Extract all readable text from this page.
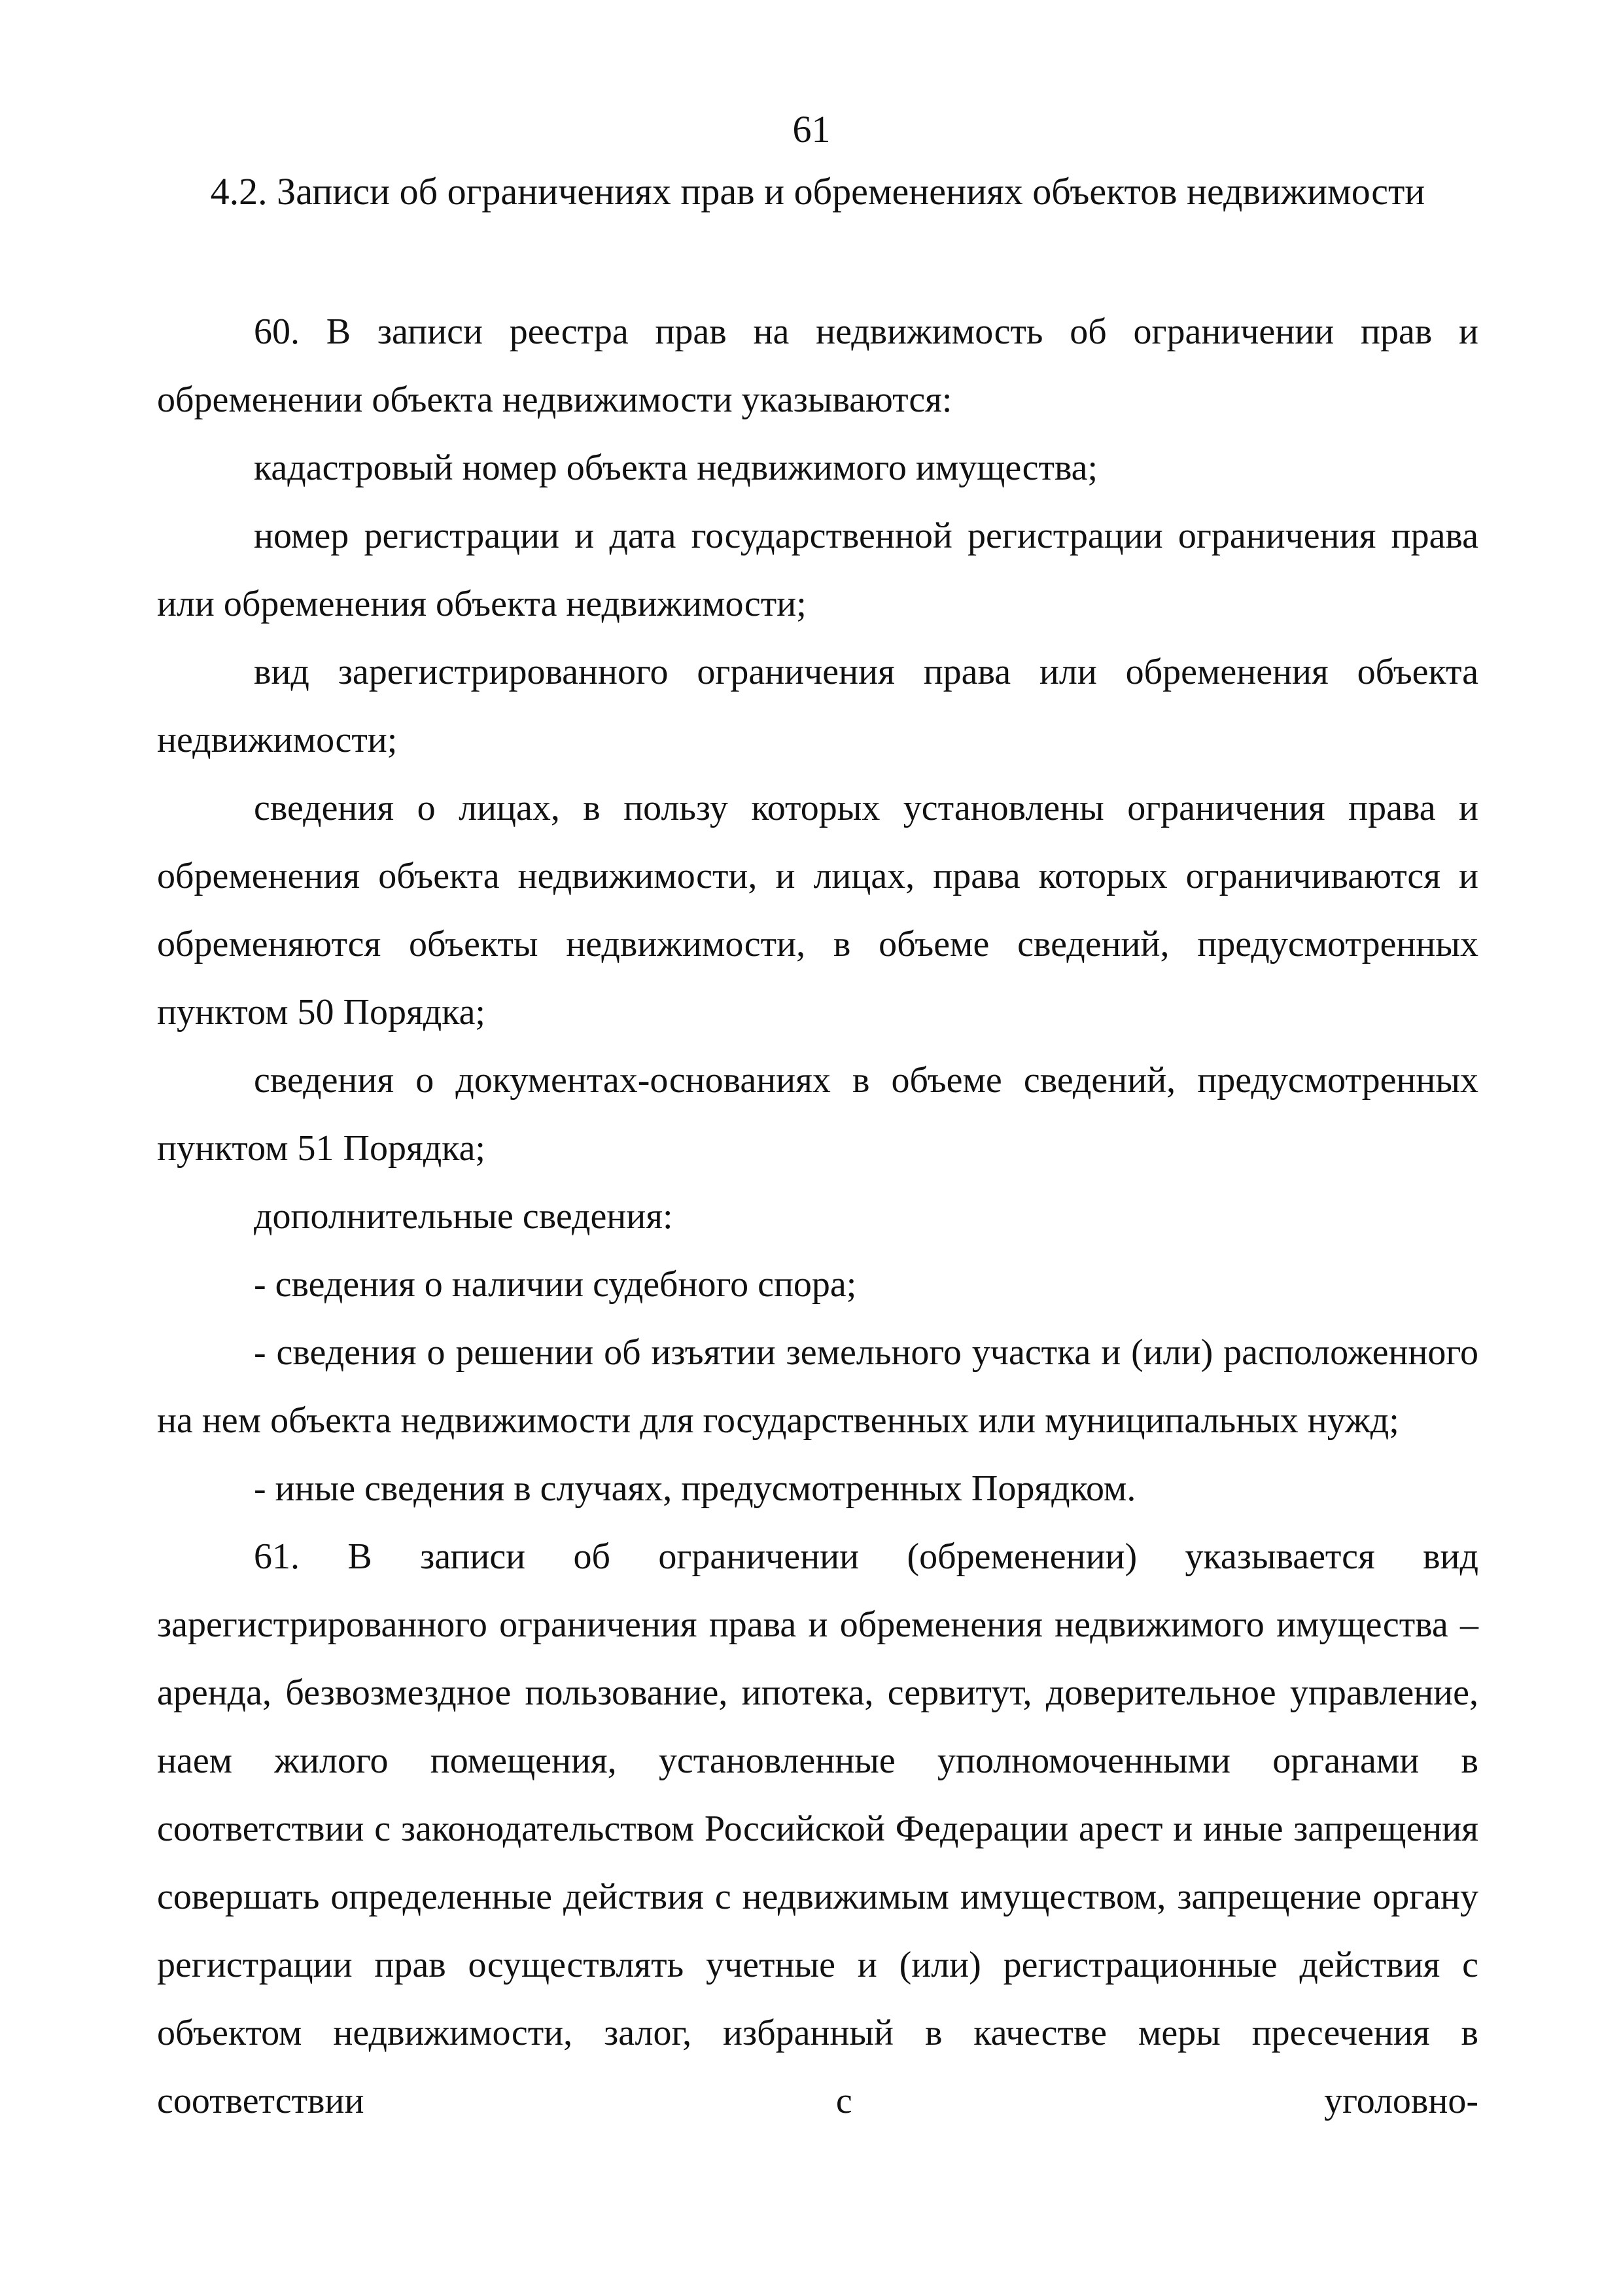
61
4.2. Записи об ограничениях прав и обременениях объектов недвижимости

60. В записи реестра прав на недвижимость об ограничении прав и обременении объекта недвижимости указываются:

кадастровый номер объекта недвижимого имущества;

номер регистрации и дата государственной регистрации ограничения права или обременения объекта недвижимости;

вид зарегистрированного ограничения права или обременения объекта недвижимости;

сведения о лицах, в пользу которых установлены ограничения права и обременения объекта недвижимости, и лицах, права которых ограничиваются и обременяются объекты недвижимости, в объеме сведений, предусмотренных пунктом 50 Порядка;

сведения о документах-основаниях в объеме сведений, предусмотренных пунктом 51 Порядка;

дополнительные сведения:

- сведения о наличии судебного спора;

- сведения о решении об изъятии земельного участка и (или) расположенного на нем объекта недвижимости для государственных или муниципальных нужд;

- иные сведения в случаях, предусмотренных Порядком.

61. В записи об ограничении (обременении) указывается вид зарегистрированного ограничения права и обременения недвижимого имущества – аренда, безвозмездное пользование, ипотека, сервитут, доверительное управление, наем жилого помещения, установленные уполномоченными органами в соответствии с законодательством Российской Федерации арест и иные запрещения совершать определенные действия с недвижимым имуществом, запрещение органу регистрации прав осуществлять учетные и (или) регистрационные действия с объектом недвижимости, залог, избранный в качестве меры пресечения в соответствии с уголовно-
